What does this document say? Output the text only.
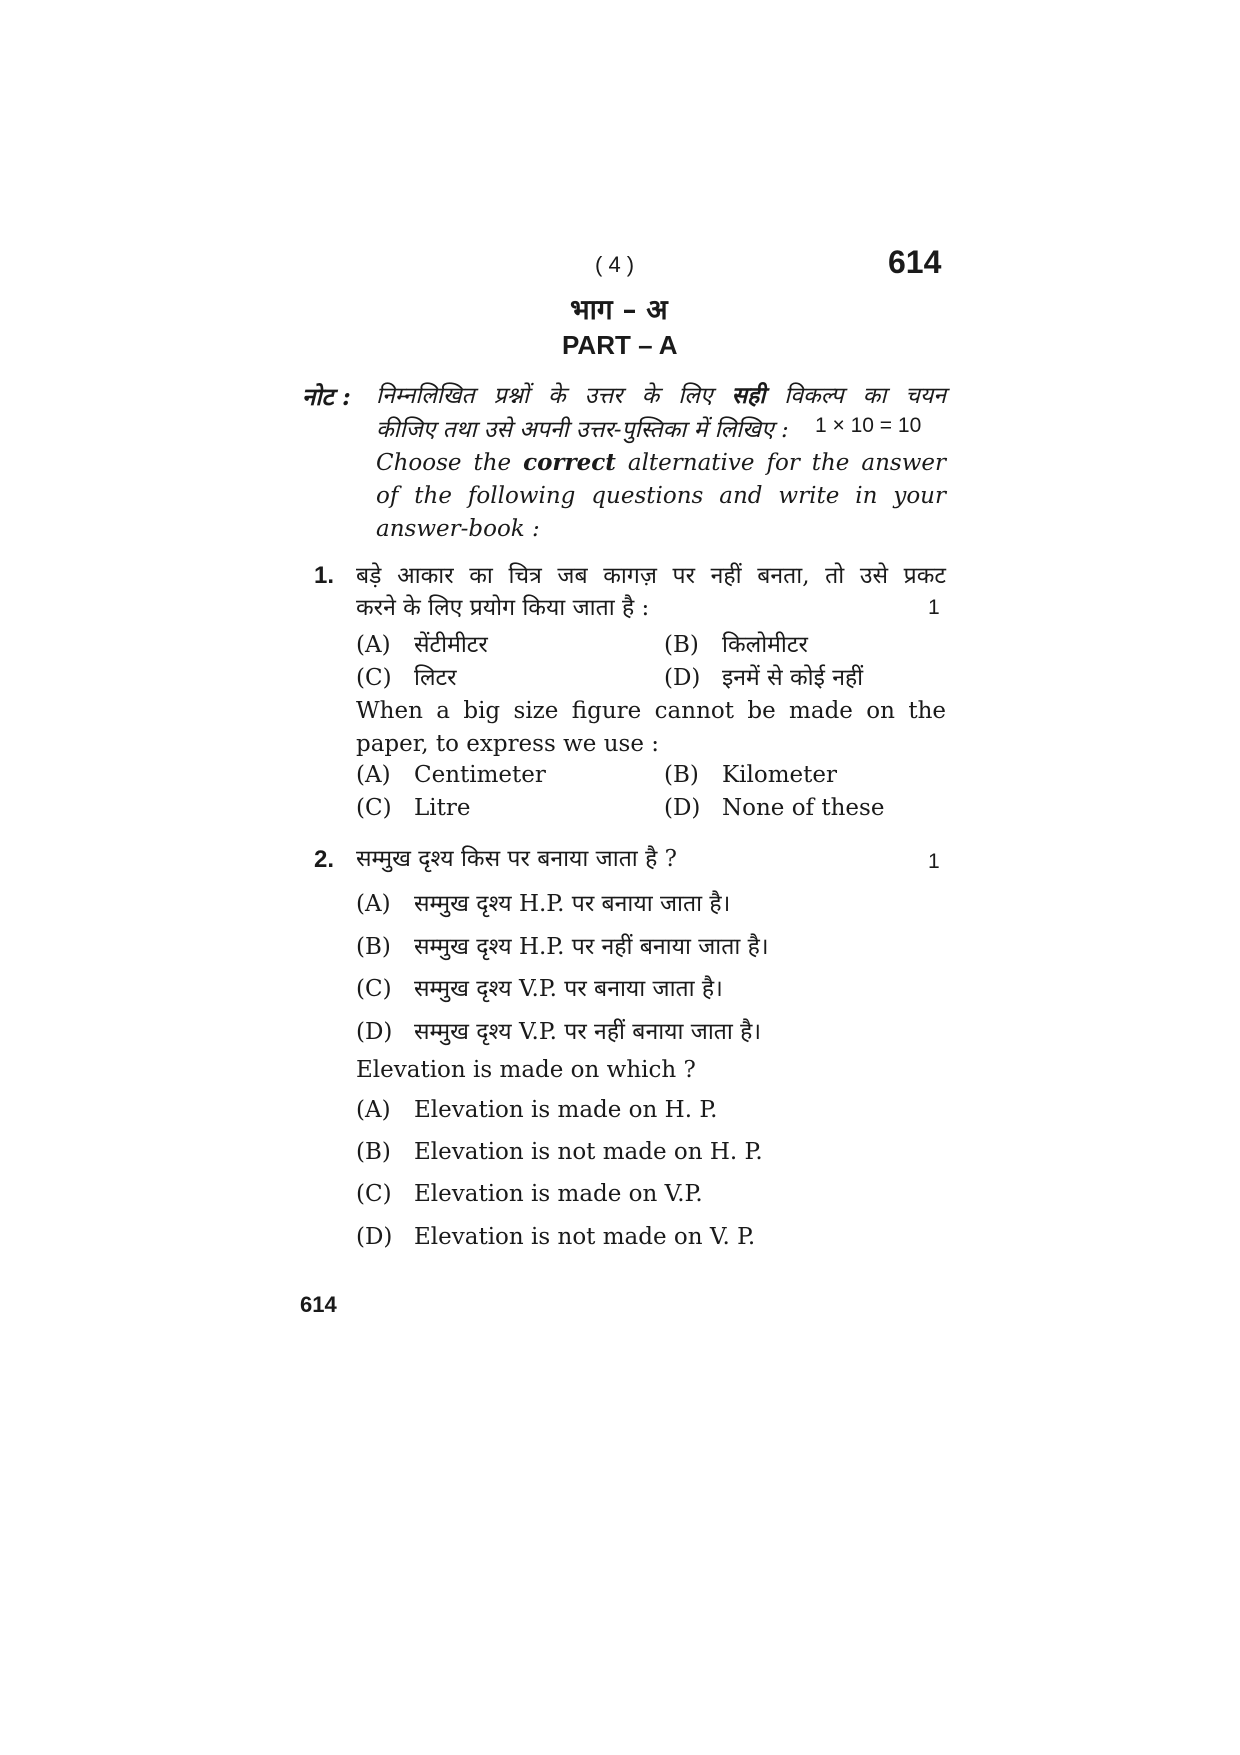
( 4 )	614
भाग – अ
PART – A
नोट : निम्नलिखित प्रश्नों के उत्तर के लिए सही विकल्प का चयन
कीजिए तथा उसे अपनी उत्तर-पुस्तिका में लिखिए : 1 × 10 = 10
Choose the correct alternative for the answer of the following questions and write in your answer-book :
1. बड़े आकार का चित्र जब कागज़ पर नहीं बनता, तो उसे प्रकट
करने के लिए प्रयोग किया जाता है :	1
(A) सेंटीमीटर	(B) किलोमीटर
(C) लिटर	(D) इनमें से कोई नहीं
When a big size figure cannot be made on the paper, to express we use :
(A) Centimeter	(B) Kilometer
(C) Litre	(D) None of these
2. सम्मुख दृश्य किस पर बनाया जाता है ?	1
(A) सम्मुख दृश्य H.P. पर बनाया जाता है।
(B) सम्मुख दृश्य H.P. पर नहीं बनाया जाता है।
(C) सम्मुख दृश्य V.P. पर बनाया जाता है।
(D) सम्मुख दृश्य V.P. पर नहीं बनाया जाता है।
Elevation is made on which ?
(A) Elevation is made on H. P.
(B) Elevation is not made on H. P.
(C) Elevation is made on V.P.
(D) Elevation is not made on V. P.
614
